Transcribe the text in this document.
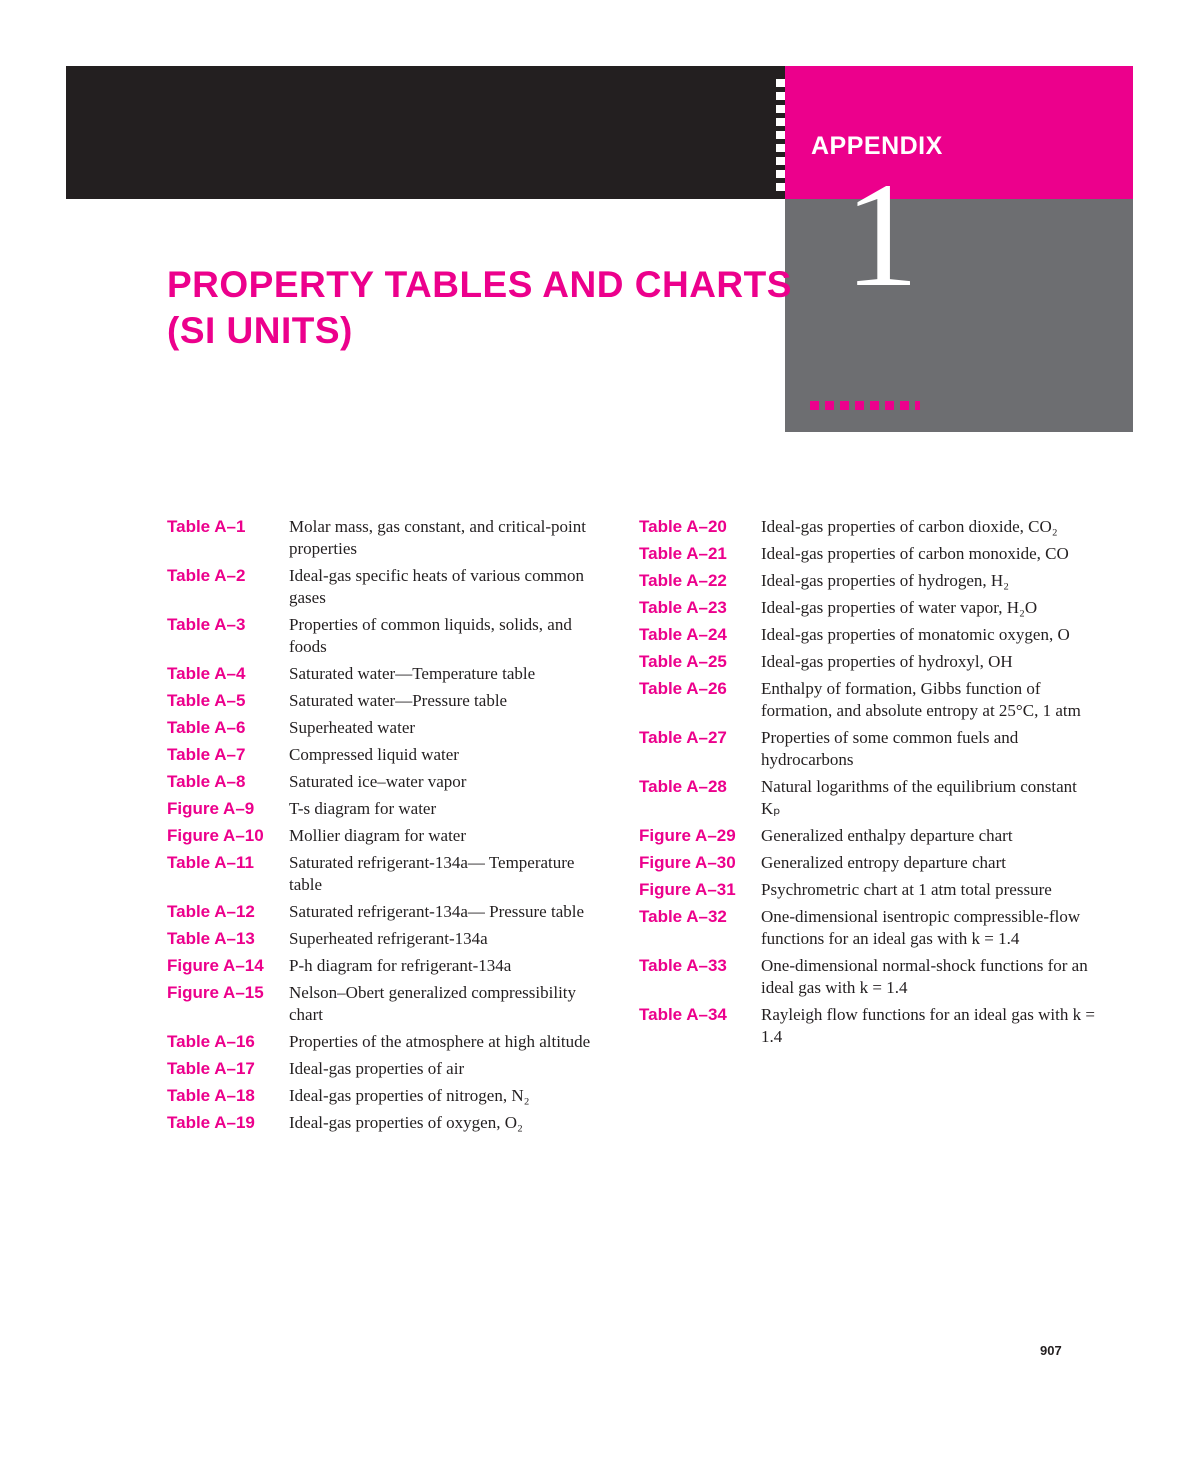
APPENDIX
1
PROPERTY TABLES AND CHARTS
(SI UNITS)
Table A–1	Molar mass, gas constant, and critical-point properties
Table A–2	Ideal-gas specific heats of various common gases
Table A–3	Properties of common liquids, solids, and foods
Table A–4	Saturated water—Temperature table
Table A–5	Saturated water—Pressure table
Table A–6	Superheated water
Table A–7	Compressed liquid water
Table A–8	Saturated ice–water vapor
Figure A–9	T-s diagram for water
Figure A–10	Mollier diagram for water
Table A–11	Saturated refrigerant-134a— Temperature table
Table A–12	Saturated refrigerant-134a— Pressure table
Table A–13	Superheated refrigerant-134a
Figure A–14	P-h diagram for refrigerant-134a
Figure A–15	Nelson–Obert generalized compressibility chart
Table A–16	Properties of the atmosphere at high altitude
Table A–17	Ideal-gas properties of air
Table A–18	Ideal-gas properties of nitrogen, N₂
Table A–19	Ideal-gas properties of oxygen, O₂
Table A–20	Ideal-gas properties of carbon dioxide, CO₂
Table A–21	Ideal-gas properties of carbon monoxide, CO
Table A–22	Ideal-gas properties of hydrogen, H₂
Table A–23	Ideal-gas properties of water vapor, H₂O
Table A–24	Ideal-gas properties of monatomic oxygen, O
Table A–25	Ideal-gas properties of hydroxyl, OH
Table A–26	Enthalpy of formation, Gibbs function of formation, and absolute entropy at 25°C, 1 atm
Table A–27	Properties of some common fuels and hydrocarbons
Table A–28	Natural logarithms of the equilibrium constant Kₚ
Figure A–29	Generalized enthalpy departure chart
Figure A–30	Generalized entropy departure chart
Figure A–31	Psychrometric chart at 1 atm total pressure
Table A–32	One-dimensional isentropic compressible-flow functions for an ideal gas with k = 1.4
Table A–33	One-dimensional normal-shock functions for an ideal gas with k = 1.4
Table A–34	Rayleigh flow functions for an ideal gas with k = 1.4
907
